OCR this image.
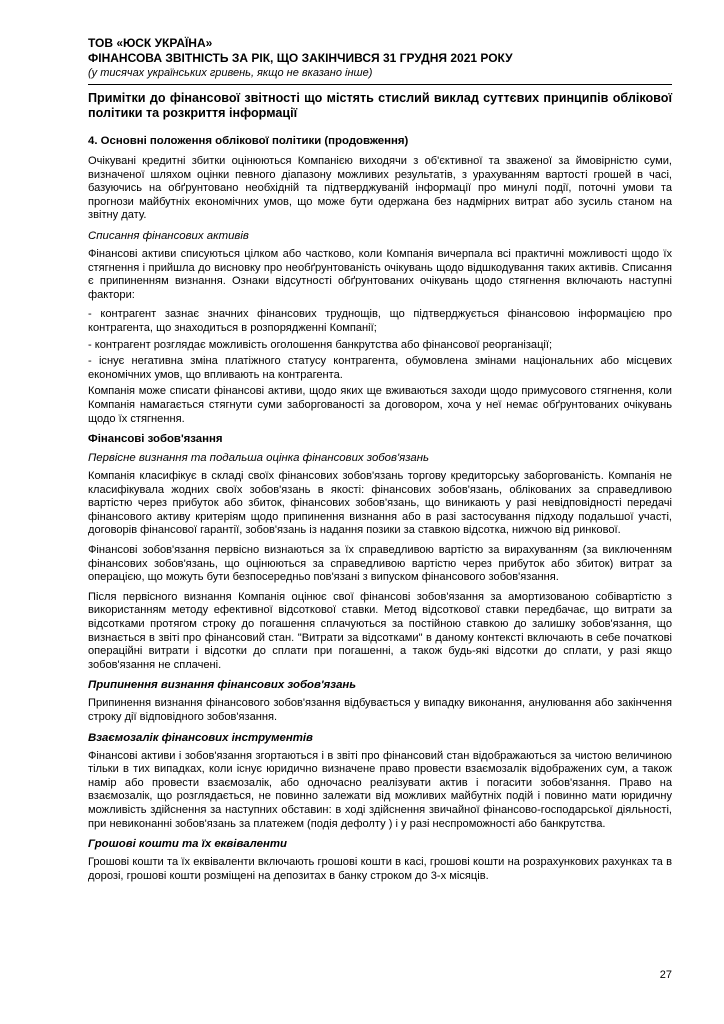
ТОВ «ЮСК УКРАЇНА»
ФІНАНСОВА ЗВІТНІСТЬ ЗА РІК, ЩО ЗАКІНЧИВСЯ 31 ГРУДНЯ 2021 РОКУ
(у тисячах українських гривень, якщо не вказано інше)
Примітки до фінансової звітності що містять стислий виклад суттєвих принципів облікової політики та розкриття інформації
4. Основні положення облікової політики (продовження)

Очікувані кредитні збитки оцінюються Компанією виходячи з об'єктивної та зваженої за ймовірністю суми, визначеної шляхом оцінки певного діапазону можливих результатів, з урахуванням вартості грошей в часі, базуючись на обґрунтовано необхідній та підтверджуваній інформації про минулі події, поточні умови та прогнози майбутніх економічних умов, що може бути одержана без надмірних витрат або зусиль станом на звітну дату.

Списання фінансових активів

Фінансові активи списуються цілком або частково, коли Компанія вичерпала всі практичні можливості щодо їх стягнення і прийшла до висновку про необґрунтованість очікувань щодо відшкодування таких активів. Списання є припиненням визнання. Ознаки відсутності обґрунтованих очікувань щодо стягнення включають наступні фактори:

- контрагент зазнає значних фінансових труднощів, що підтверджується фінансовою інформацією про контрагента, що знаходиться в розпорядженні Компанії;

- контрагент розглядає можливість оголошення банкрутства або фінансової реорганізації;

- існує негативна зміна платіжного статусу контрагента, обумовлена змінами національних або місцевих економічних умов, що впливають на контрагента.

Компанія може списати фінансові активи, щодо яких ще вживаються заходи щодо примусового стягнення, коли Компанія намагається стягнути суми заборгованості за договором, хоча у неї немає обґрунтованих очікувань щодо їх стягнення.

Фінансові зобов'язання
Первісне визнання та подальша оцінка фінансових зобов'язань

Компанія класифікує в складі своїх фінансових зобов'язань торгову кредиторську заборгованість. Компанія не класифікувала жодних своїх зобов'язань в якості: фінансових зобов'язань, облікованих за справедливою вартістю через прибуток або збиток, фінансових зобов'язань, що виникають у разі невідповідності передачі фінансового активу критеріям щодо припинення визнання або в разі застосування підходу подальшої участі, договорів фінансової гарантії, зобов'язань із надання позики за ставкою відсотка, нижчою від ринкової.

Фінансові зобов'язання первісно визнаються за їх справедливою вартістю за вирахуванням (за виключенням фінансових зобов'язань, що оцінюються за справедливою вартістю через прибуток або збиток) витрат за операцією, що можуть бути безпосередньо пов'язані з випуском фінансового зобов'язання.

Після первісного визнання Компанія оцінює свої фінансові зобов'язання за амортизованою собівартістю з використанням методу ефективної відсоткової ставки. Метод відсоткової ставки передбачає, що витрати за відсотками протягом строку до погашення сплачуються за постійною ставкою до залишку зобов'язання, що визнається в звіті про фінансовий стан. "Витрати за відсотками" в даному контексті включають в себе початкові операційні витрати і відсотки до сплати при погашенні, а також будь-які відсотки до сплати, у разі якщо зобов'язання не сплачені.

Припинення визнання фінансових зобов'язань

Припинення визнання фінансового зобов'язання відбувається у випадку виконання, анулювання або закінчення строку дії відповідного зобов'язання.

Взаємозалік фінансових інструментів

Фінансові активи і зобов'язання згортаються і в звіті про фінансовий стан відображаються за чистою величиною тільки в тих випадках, коли існує юридично визначене право провести взаємозалік відображених сум, а також намір або провести взаємозалік, або одночасно реалізувати актив і погасити зобов'язання. Право на взаємозалік, що розглядається, не повинно залежати від можливих майбутніх подій і повинно мати юридичну можливість здійснення за наступних обставин: в ході здійснення звичайної фінансово-господарської діяльності, при невиконанні зобов'язань за платежем (подія дефолту ) і у разі неспроможності або банкрутства.

Грошові кошти та їх еквіваленти

Грошові кошти та їх еквіваленти включають грошові кошти в касі, грошові кошти на розрахункових рахунках та в дорозі, грошові кошти розміщені на депозитах в банку строком до 3-х місяців.

27
